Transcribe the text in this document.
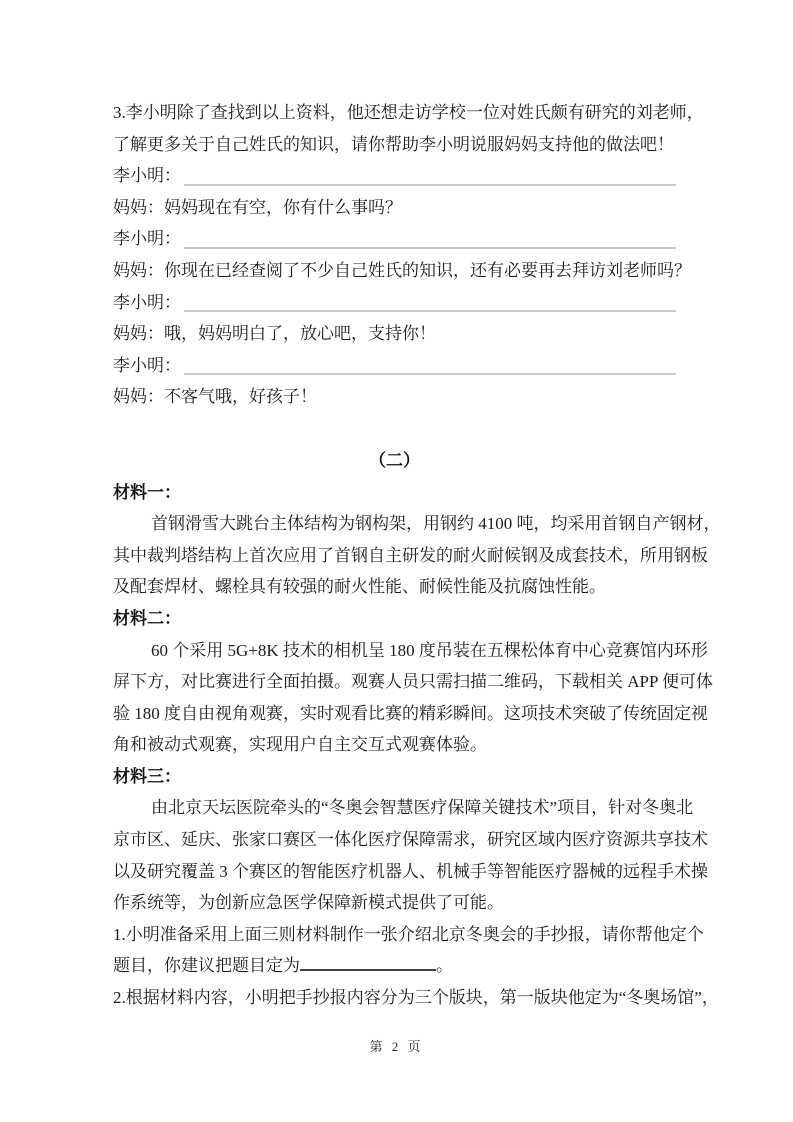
3.李小明除了查找到以上资料，他还想走访学校一位对姓氏颇有研究的刘老师，
了解更多关于自己姓氏的知识，请你帮助李小明说服妈妈支持他的做法吧！
李小明：
妈妈：妈妈现在有空，你有什么事吗？
李小明：
妈妈：你现在已经查阅了不少自己姓氏的知识，还有必要再去拜访刘老师吗？
李小明：
妈妈：哦，妈妈明白了，放心吧，支持你！
李小明：
妈妈：不客气哦，好孩子！
（二）
材料一：
首钢滑雪大跳台主体结构为钢构架，用钢约 4100 吨，均采用首钢自产钢材，
其中裁判塔结构上首次应用了首钢自主研发的耐火耐候钢及成套技术，所用钢板
及配套焊材、螺栓具有较强的耐火性能、耐候性能及抗腐蚀性能。
材料二：
60 个采用 5G+8K 技术的相机呈 180 度吊装在五棵松体育中心竞赛馆内环形
屏下方，对比赛进行全面拍摄。观赛人员只需扫描二维码，下载相关 APP 便可体
验 180 度自由视角观赛，实时观看比赛的精彩瞬间。这项技术突破了传统固定视
角和被动式观赛，实现用户自主交互式观赛体验。
材料三：
由北京天坛医院牵头的“冬奥会智慧医疗保障关键技术”项目，针对冬奥北
京市区、延庆、张家口赛区一体化医疗保障需求，研究区域内医疗资源共享技术
以及研究覆盖 3 个赛区的智能医疗机器人、机械手等智能医疗器械的远程手术操
作系统等，为创新应急医学保障新模式提供了可能。
1.小明准备采用上面三则材料制作一张介绍北京冬奥会的手抄报，请你帮他定个
题目，你建议把题目定为	。
2.根据材料内容，小明把手抄报内容分为三个版块，第一版块他定为“冬奥场馆”，
第 2 页
